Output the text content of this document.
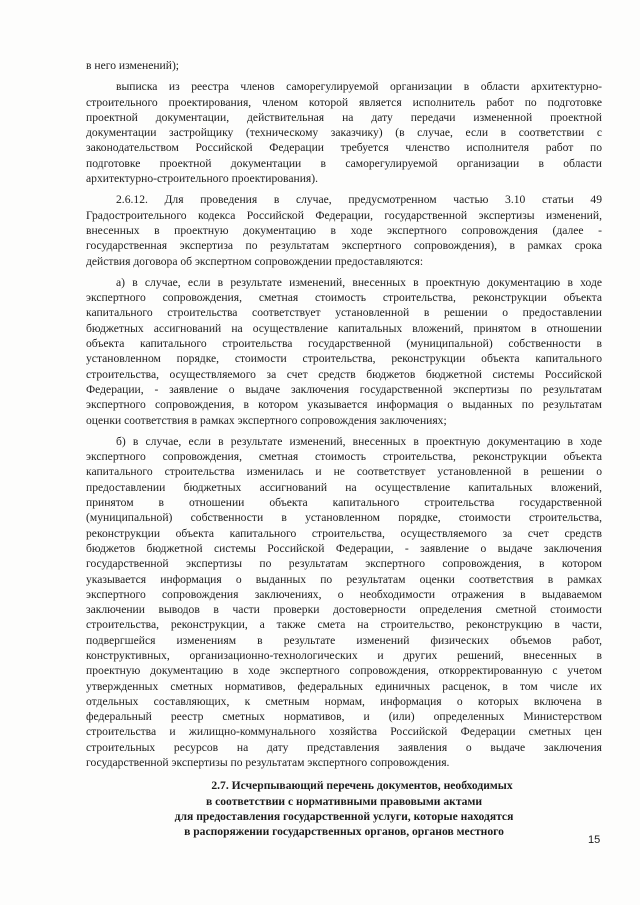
в него изменений);
выписка из реестра членов саморегулируемой организации в области архитектурно-
строительного проектирования, членом которой является исполнитель работ по подготовке
проектной документации, действительная на дату передачи измененной проектной
документации застройщику (техническому заказчику) (в случае, если в соответствии с
законодательством Российской Федерации требуется членство исполнителя работ по
подготовке проектной документации в саморегулируемой организации в области
архитектурно-строительного проектирования).
2.6.12. Для проведения в случае, предусмотренном частью 3.10 статьи 49
Градостроительного кодекса Российской Федерации, государственной экспертизы изменений,
внесенных в проектную документацию в ходе экспертного сопровождения (далее -
государственная экспертиза по результатам экспертного сопровождения), в рамках срока
действия договора об экспертном сопровождении предоставляются:
а) в случае, если в результате изменений, внесенных в проектную документацию в ходе
экспертного сопровождения, сметная стоимость строительства, реконструкции объекта
капитального строительства соответствует установленной в решении о предоставлении
бюджетных ассигнований на осуществление капитальных вложений, принятом в отношении
объекта капитального строительства государственной (муниципальной) собственности в
установленном порядке, стоимости строительства, реконструкции объекта капитального
строительства, осуществляемого за счет средств бюджетов бюджетной системы Российской
Федерации, - заявление о выдаче заключения государственной экспертизы по результатам
экспертного сопровождения, в котором указывается информация о выданных по результатам
оценки соответствия в рамках экспертного сопровождения заключениях;
б) в случае, если в результате изменений, внесенных в проектную документацию в ходе
экспертного сопровождения, сметная стоимость строительства, реконструкции объекта
капитального строительства изменилась и не соответствует установленной в решении о
предоставлении бюджетных ассигнований на осуществление капитальных вложений,
принятом в отношении объекта капитального строительства государственной
(муниципальной) собственности в установленном порядке, стоимости строительства,
реконструкции объекта капитального строительства, осуществляемого за счет средств
бюджетов бюджетной системы Российской Федерации, - заявление о выдаче заключения
государственной экспертизы по результатам экспертного сопровождения, в котором
указывается информация о выданных по результатам оценки соответствия в рамках
экспертного сопровождения заключениях, о необходимости отражения в выдаваемом
заключении выводов в части проверки достоверности определения сметной стоимости
строительства, реконструкции, а также смета на строительство, реконструкцию в части,
подвергшейся изменениям в результате изменений физических объемов работ,
конструктивных, организационно-технологических и других решений, внесенных в
проектную документацию в ходе экспертного сопровождения, откорректированную с учетом
утвержденных сметных нормативов, федеральных единичных расценок, в том числе их
отдельных составляющих, к сметным нормам, информация о которых включена в
федеральный реестр сметных нормативов, и (или) определенных Министерством
строительства и жилищно-коммунального хозяйства Российской Федерации сметных цен
строительных ресурсов на дату представления заявления о выдаче заключения
государственной экспертизы по результатам экспертного сопровождения.
2.7. Исчерпывающий перечень документов, необходимых
в соответствии с нормативными правовыми актами
для предоставления государственной услуги, которые находятся
в распоряжении государственных органов, органов местного
15
